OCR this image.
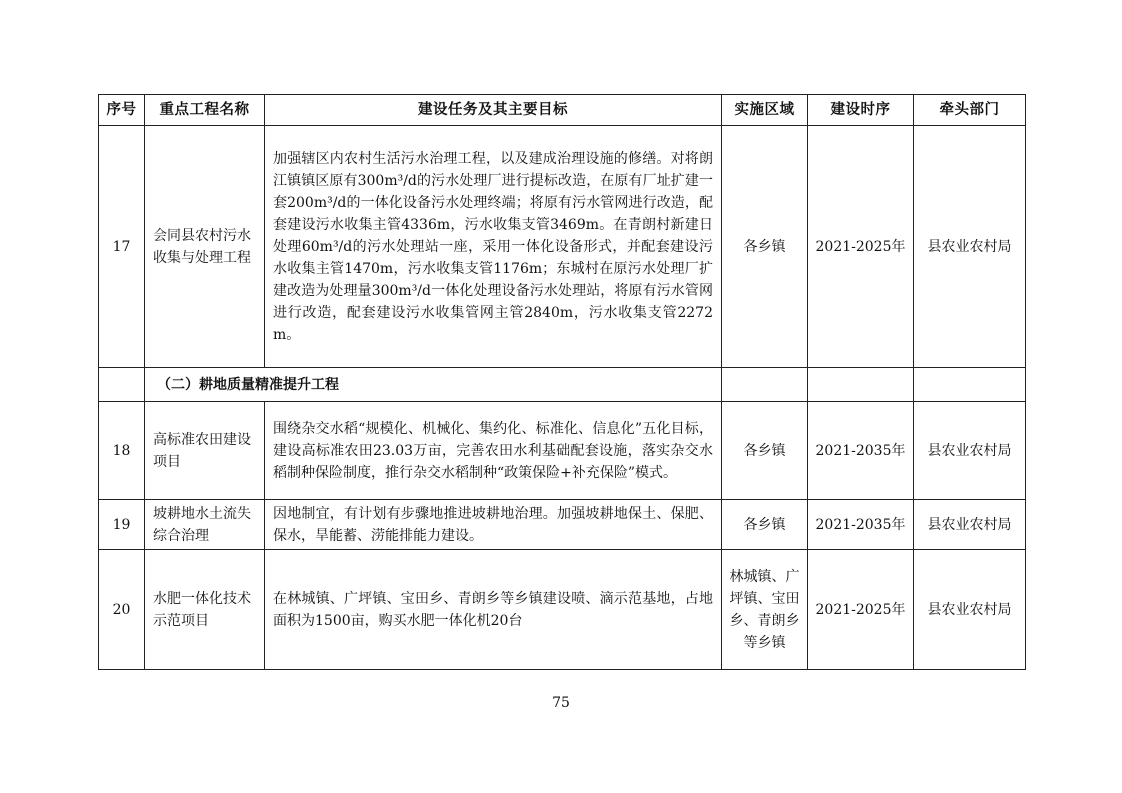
序号	重点工程名称	建设任务及其主要目标	实施区域	建设时序	牵头部门
17	会同县农村污水收集与处理工程	加强辖区内农村生活污水治理工程，以及建成治理设施的修缮。对将朗江镇镇区原有300m³/d的污水处理厂进行提标改造，在原有厂址扩建一套200m³/d的一体化设备污水处理终端；将原有污水管网进行改造，配套建设污水收集主管4336m，污水收集支管3469m。在青朗村新建日处理60m³/d的污水处理站一座，采用一体化设备形式，并配套建设污水收集主管1470m，污水收集支管1176m；东城村在原污水处理厂扩建改造为处理量300m³/d一体化处理设备污水处理站，将原有污水管网进行改造，配套建设污水收集管网主管2840m，污水收集支管2272m。	各乡镇	2021-2025年	县农业农村局
	（二）耕地质量精准提升工程				
18	高标准农田建设项目	围绕杂交水稻“规模化、机械化、集约化、标准化、信息化”五化目标，建设高标准农田23.03万亩，完善农田水利基础配套设施，落实杂交水稻制种保险制度，推行杂交水稻制种“政策保险+补充保险”模式。	各乡镇	2021-2035年	县农业农村局
19	坡耕地水土流失综合治理	因地制宜，有计划有步骤地推进坡耕地治理。加强坡耕地保土、保肥、保水，旱能蓄、涝能排能力建设。	各乡镇	2021-2035年	县农业农村局
20	水肥一体化技术示范项目	在林城镇、广坪镇、宝田乡、青朗乡等乡镇建设喷、滴示范基地，占地面积为1500亩，购买水肥一体化机20台	林城镇、广坪镇、宝田乡、青朗乡等乡镇	2021-2025年	县农业农村局
75
